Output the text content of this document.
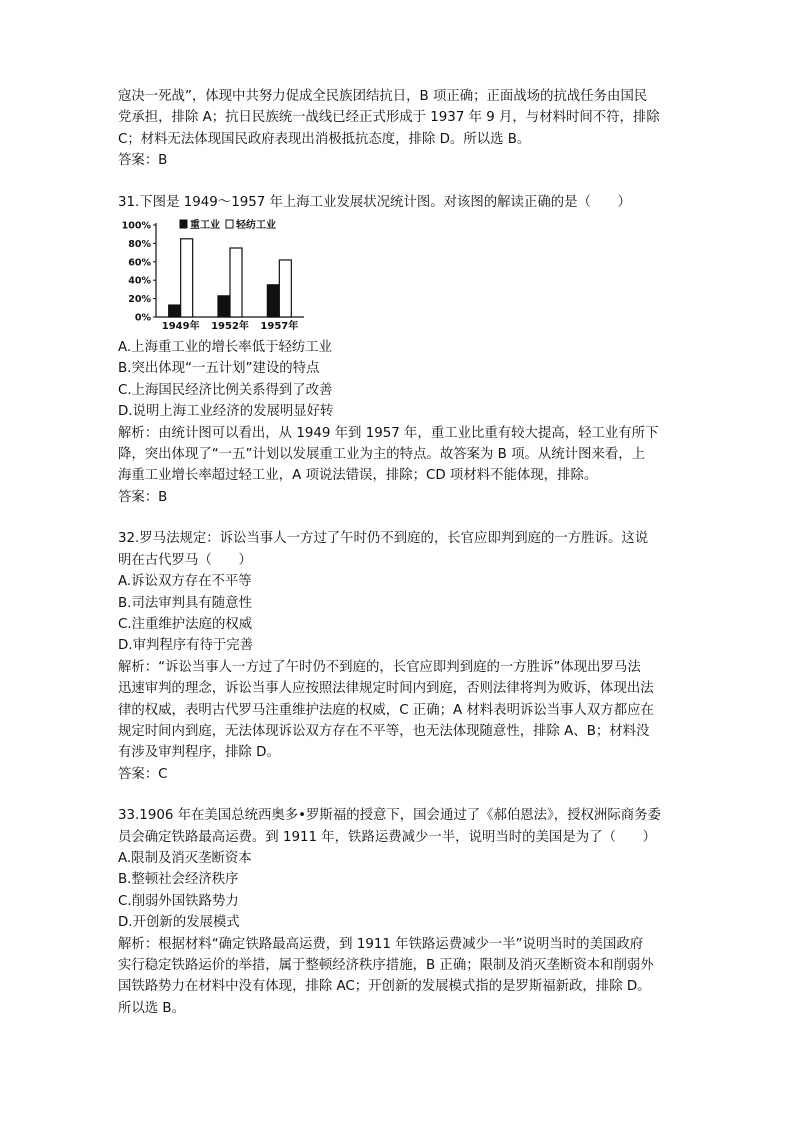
寇决一死战”，体现中共努力促成全民族团结抗日，B 项正确；正面战场的抗战任务由国民

党承担，排除 A；抗日民族统一战线已经正式形成于 1937 年 9 月，与材料时间不符，排除

C；材料无法体现国民政府表现出消极抵抗态度，排除 D。所以选 B。

答案：B

31.下图是 1949～1957 年上海工业发展状况统计图。对该图的解读正确的是（　　）

0%
20%
40%
60%
80%
100%
1949年 1952年 1957年
重工业 轻纺工业

A.上海重工业的增长率低于轻纺工业

B.突出体现“一五计划”建设的特点

C.上海国民经济比例关系得到了改善

D.说明上海工业经济的发展明显好转

解析：由统计图可以看出，从 1949 年到 1957 年，重工业比重有较大提高，轻工业有所下

降，突出体现了“一五”计划以发展重工业为主的特点。故答案为 B 项。从统计图来看，上

海重工业增长率超过轻工业，A 项说法错误，排除；CD 项材料不能体现，排除。

答案：B

32.罗马法规定：诉讼当事人一方过了午时仍不到庭的，长官应即判到庭的一方胜诉。这说

明在古代罗马（　　）

A.诉讼双方存在不平等

B.司法审判具有随意性

C.注重维护法庭的权威

D.审判程序有待于完善

解析：“诉讼当事人一方过了午时仍不到庭的，长官应即判到庭的一方胜诉”体现出罗马法

迅速审判的理念，诉讼当事人应按照法律规定时间内到庭，否则法律将判为败诉，体现出法

律的权威，表明古代罗马注重维护法庭的权威，C 正确；A 材料表明诉讼当事人双方都应在

规定时间内到庭，无法体现诉讼双方存在不平等，也无法体现随意性，排除 A、B；材料没

有涉及审判程序，排除 D。

答案：C

33.1906 年在美国总统西奥多•罗斯福的授意下，国会通过了《郝伯恩法》，授权洲际商务委

员会确定铁路最高运费。到 1911 年，铁路运费减少一半，说明当时的美国是为了（　　）

A.限制及消灭垄断资本

B.整顿社会经济秩序

C.削弱外国铁路势力

D.开创新的发展模式

解析：根据材料“确定铁路最高运费，到 1911 年铁路运费减少一半”说明当时的美国政府

实行稳定铁路运价的举措，属于整顿经济秩序措施，B 正确；限制及消灭垄断资本和削弱外

国铁路势力在材料中没有体现，排除 AC；开创新的发展模式指的是罗斯福新政，排除 D。

所以选 B。
